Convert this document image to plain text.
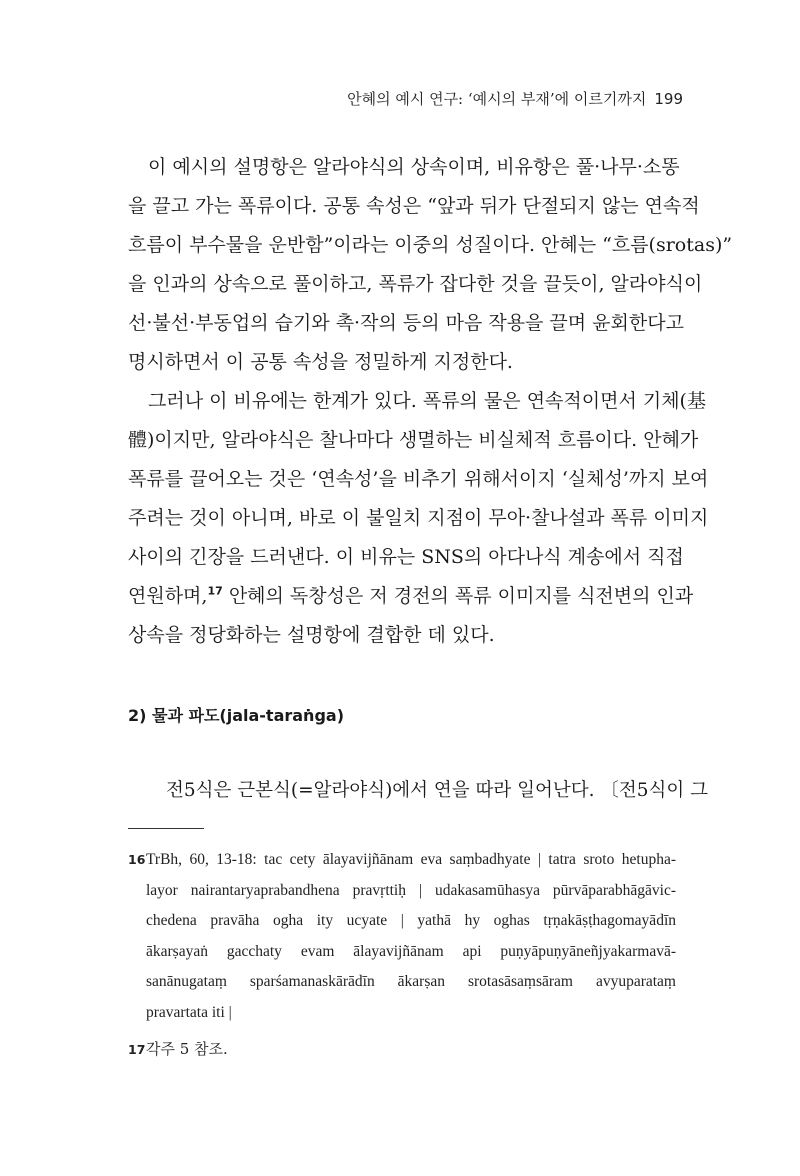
안혜의 예시 연구: ‘예시의 부재’에 이르기까지 199
이 예시의 설명항은 알라야식의 상속이며, 비유항은 풀·나무·소똥
을 끌고 가는 폭류이다. 공통 속성은 “앞과 뒤가 단절되지 않는 연속적
흐름이 부수물을 운반함”이라는 이중의 성질이다. 안혜는 “흐름(srotas)”
을 인과의 상속으로 풀이하고, 폭류가 잡다한 것을 끌듯이, 알라야식이
선·불선·부동업의 습기와 촉·작의 등의 마음 작용을 끌며 윤회한다고
명시하면서 이 공통 속성을 정밀하게 지정한다.
그러나 이 비유에는 한계가 있다. 폭류의 물은 연속적이면서 기체(基
體)이지만, 알라야식은 찰나마다 생멸하는 비실체적 흐름이다. 안혜가
폭류를 끌어오는 것은 ‘연속성’을 비추기 위해서이지 ‘실체성’까지 보여
주려는 것이 아니며, 바로 이 불일치 지점이 무아·찰나설과 폭류 이미지
사이의 긴장을 드러낸다. 이 비유는 SNS의 아다나식 계송에서 직접
연원하며,$^{17}$ 안혜의 독창성은 저 경전의 폭류 이미지를 식전변의 인과
상속을 정당화하는 설명항에 결합한 데 있다.
2) 물과 파도(jala-taraṅga)
전5식은 근본식(=알라야식)에서 연을 따라 일어난다. 〔전5식이 그
16TrBh, 60, 13-18: tac cety ālayavijñānam eva saṃbadhyate | tatra sroto hetupha-
layor nairantaryaprabandhena pravṛttiḥ | udakasamūhasya pūrvāparabhāgāvic-
chedena pravāha ogha ity ucyate | yathā hy oghas tṛṇakāṣṭhagomayādīn
ākarṣayaṅ gacchaty evam ālayavijñānam api puṇyāpuṇyāneñjyakarmavā-
sanānugataṃ sparśamanaskārādīn ākarṣan srotasāsaṃsāram avyuparataṃ
pravartata iti |
17각주 5 참조.
